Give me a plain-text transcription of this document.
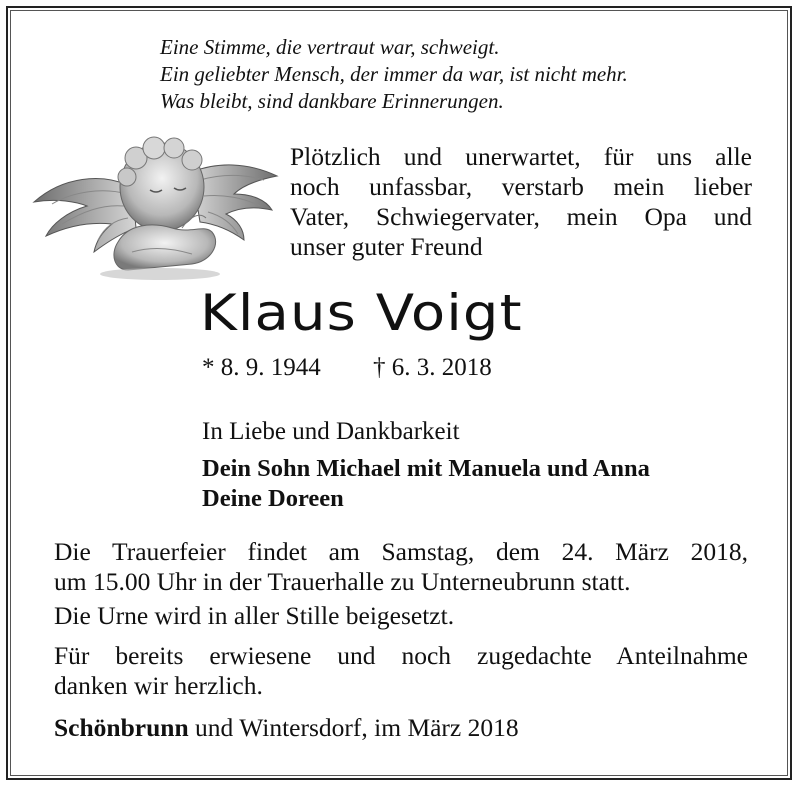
Eine Stimme, die vertraut war, schweigt.
Ein geliebter Mensch, der immer da war, ist nicht mehr.
Was bleibt, sind dankbare Erinnerungen.
Plötzlich und unerwartet, für uns alle
noch unfassbar, verstarb mein lieber
Vater, Schwiegervater, mein Opa und
unser guter Freund
Klaus Voigt
* 8. 9. 1944 † 6. 3. 2018
In Liebe und Dankbarkeit
Dein Sohn Michael mit Manuela und Anna
Deine Doreen
Die Trauerfeier findet am Samstag, dem 24. März 2018,
um 15.00 Uhr in der Trauerhalle zu Unterneubrunn statt.
Die Urne wird in aller Stille beigesetzt.
Für bereits erwiesene und noch zugedachte Anteilnahme
danken wir herzlich.
Schönbrunn und Wintersdorf, im März 2018
